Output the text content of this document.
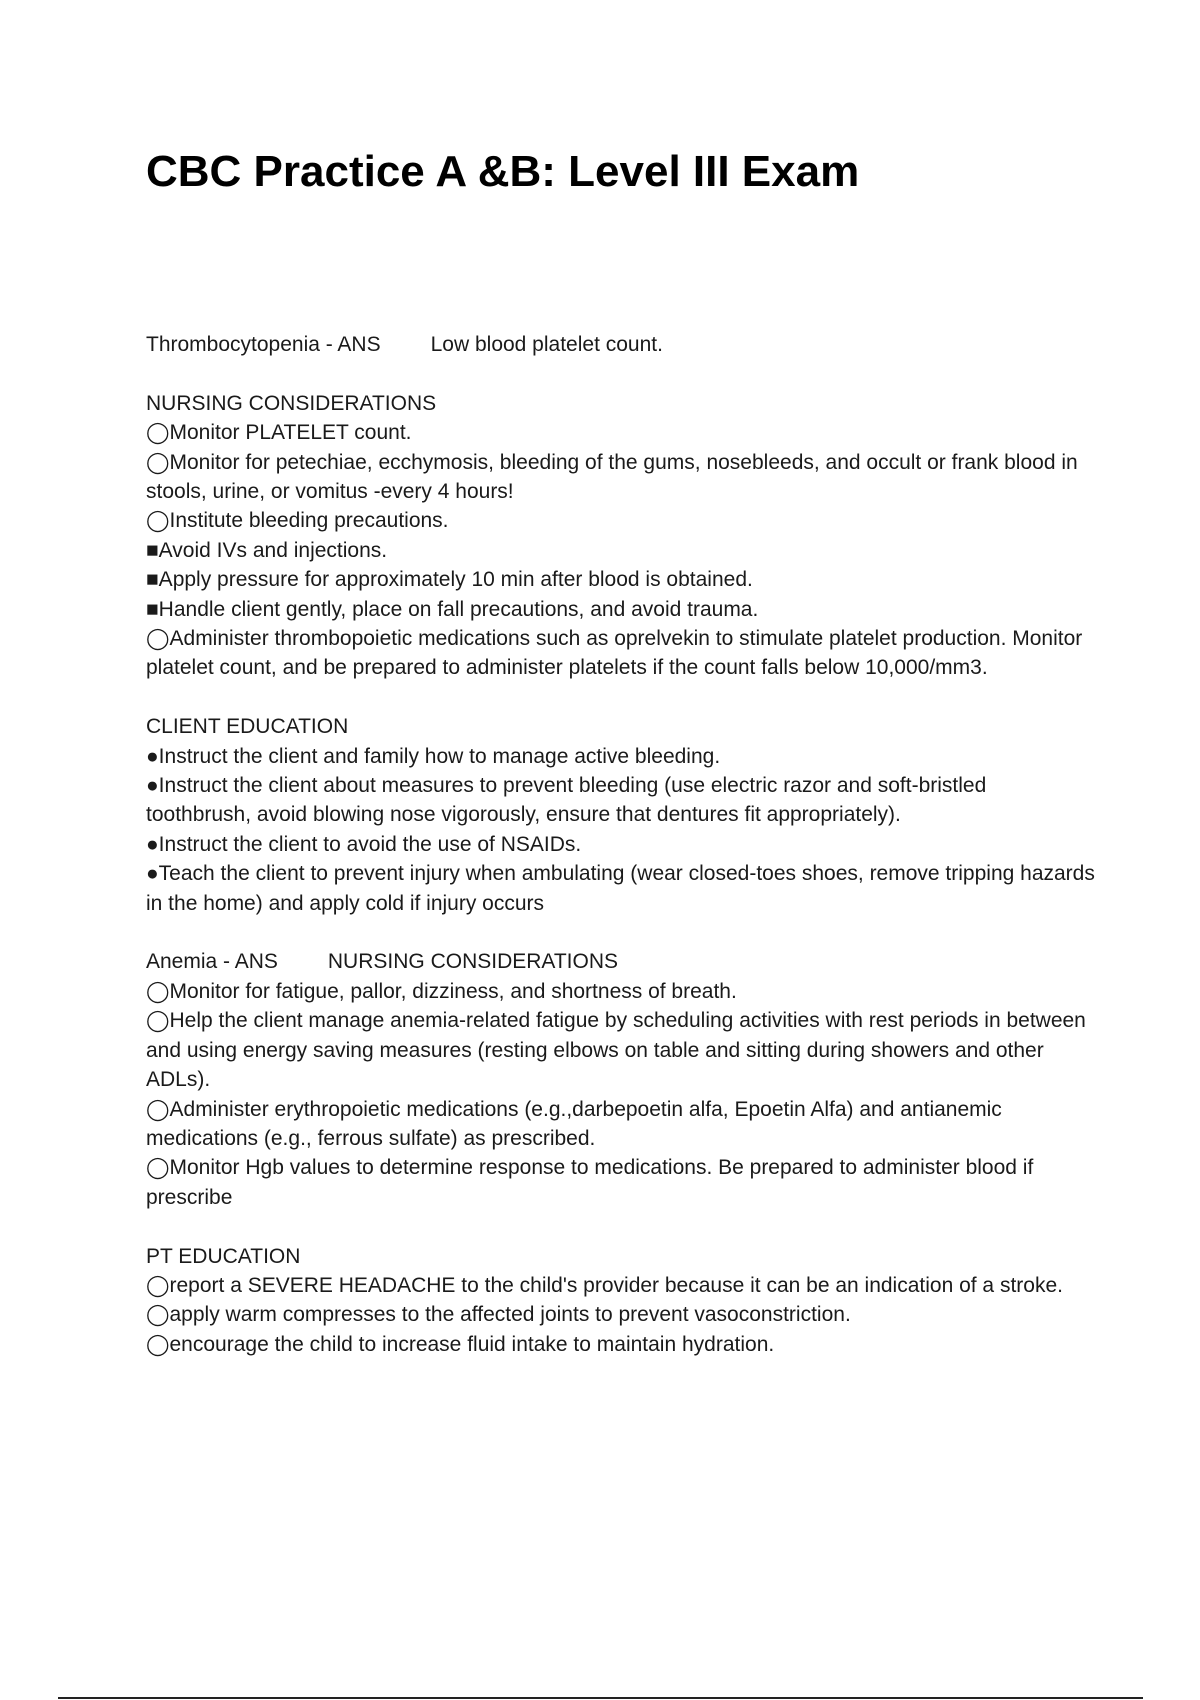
CBC Practice A &B: Level III Exam
Thrombocytopenia - ANS Low blood platelet count.
NURSING CONSIDERATIONS
◯Monitor PLATELET count.
◯Monitor for petechiae, ecchymosis, bleeding of the gums, nosebleeds, and occult or frank blood in stools, urine, or vomitus -every 4 hours!
◯Institute bleeding precautions.
■Avoid IVs and injections.
■Apply pressure for approximately 10 min after blood is obtained.
■Handle client gently, place on fall precautions, and avoid trauma.
◯Administer thrombopoietic medications such as oprelvekin to stimulate platelet production. Monitor platelet count, and be prepared to administer platelets if the count falls below 10,000/mm3.
CLIENT EDUCATION
●Instruct the client and family how to manage active bleeding.
●Instruct the client about measures to prevent bleeding (use electric razor and soft-bristled toothbrush, avoid blowing nose vigorously, ensure that dentures fit appropriately).
●Instruct the client to avoid the use of NSAIDs.
●Teach the client to prevent injury when ambulating (wear closed-toes shoes, remove tripping hazards in the home) and apply cold if injury occurs
Anemia - ANS NURSING CONSIDERATIONS
◯Monitor for fatigue, pallor, dizziness, and shortness of breath.
◯Help the client manage anemia-related fatigue by scheduling activities with rest periods in between and using energy saving measures (resting elbows on table and sitting during showers and other ADLs).
◯Administer erythropoietic medications (e.g.,darbepoetin alfa, Epoetin Alfa) and antianemic medications (e.g., ferrous sulfate) as prescribed.
◯Monitor Hgb values to determine response to medications. Be prepared to administer blood if prescribe
PT EDUCATION
◯report a SEVERE HEADACHE to the child's provider because it can be an indication of a stroke.
◯apply warm compresses to the affected joints to prevent vasoconstriction.
◯encourage the child to increase fluid intake to maintain hydration.
